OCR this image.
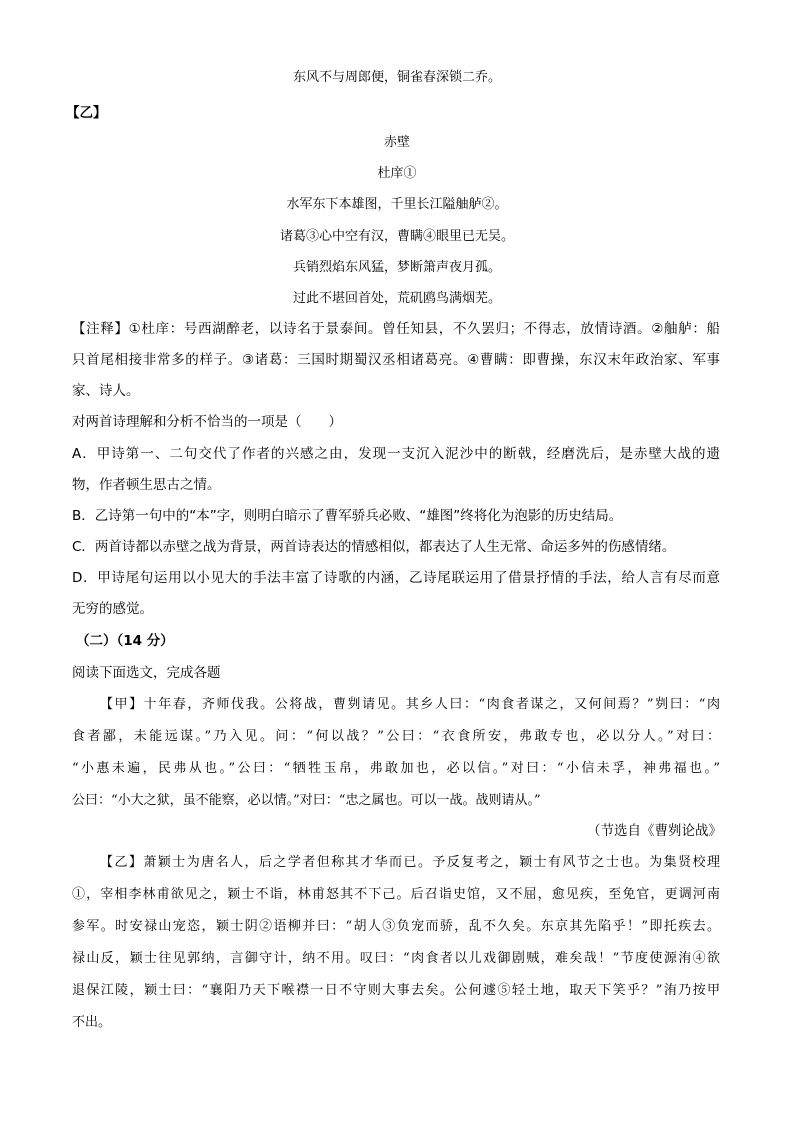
东风不与周郎便，铜雀春深锁二乔。
【乙】
赤壁
杜庠①
水军东下本雄图，千里长江隘舳舻②。
诸葛③心中空有汉，曹瞒④眼里已无吴。
兵销烈焰东风猛，梦断箫声夜月孤。
过此不堪回首处，荒矶鸥鸟满烟芜。
【注释】①杜庠：号西湖醉老，以诗名于景泰间。曾任知县，不久罢归；不得志，放情诗酒。②舳舻：船
只首尾相接非常多的样子。③诸葛：三国时期蜀汉丞相诸葛亮。④曹瞒：即曹操，东汉末年政治家、军事
家、诗人。
对两首诗理解和分析不恰当的一项是（　　）
A．甲诗第一、二句交代了作者的兴感之由，发现一支沉入泥沙中的断戟，经磨洗后，是赤壁大战的遗
物，作者顿生思古之情。
B．乙诗第一句中的“本”字，则明白暗示了曹军骄兵必败、“雄图”终将化为泡影的历史结局。
C．两首诗都以赤壁之战为背景，两首诗表达的情感相似，都表达了人生无常、命运多舛的伤感情绪。
D．甲诗尾句运用以小见大的手法丰富了诗歌的内涵，乙诗尾联运用了借景抒情的手法，给人言有尽而意
无穷的感觉。
（二）（14 分）
阅读下面选文，完成各题
【甲】十年春，齐师伐我。公将战，曹刿请见。其乡人曰：“肉食者谋之，又何间焉？”刿曰：“肉
食者鄙，未能远谋。”乃入见。问：“何以战？”公曰：“衣食所安，弗敢专也，必以分人。”对曰：
“小惠未遍，民弗从也。”公曰：“牺牲玉帛，弗敢加也，必以信。”对曰：“小信未孚，神弗福也。”
公曰：“小大之狱，虽不能察，必以情。”对曰：“忠之属也。可以一战。战则请从。”
（节选自《曹刿论战》
【乙】萧颖士为唐名人，后之学者但称其才华而已。予反复考之，颖士有风节之士也。为集贤校理
①，宰相李林甫欲见之，颖士不诣，林甫怒其不下己。后召诣史馆，又不屈，愈见疾，至免官，更调河南
参军。时安禄山宠恣，颖士阴②语柳并曰：“胡人③负宠而骄，乱不久矣。东京其先陷乎！”即托疾去。
禄山反，颖士往见郭纳，言御守计，纳不用。叹曰：“肉食者以儿戏御剧贼，难矣哉！”节度使源洧④欲
退保江陵，颖士曰：“襄阳乃天下喉襟一日不守则大事去矣。公何遽⑤轻土地，取天下笑乎？”洧乃按甲
不出。
